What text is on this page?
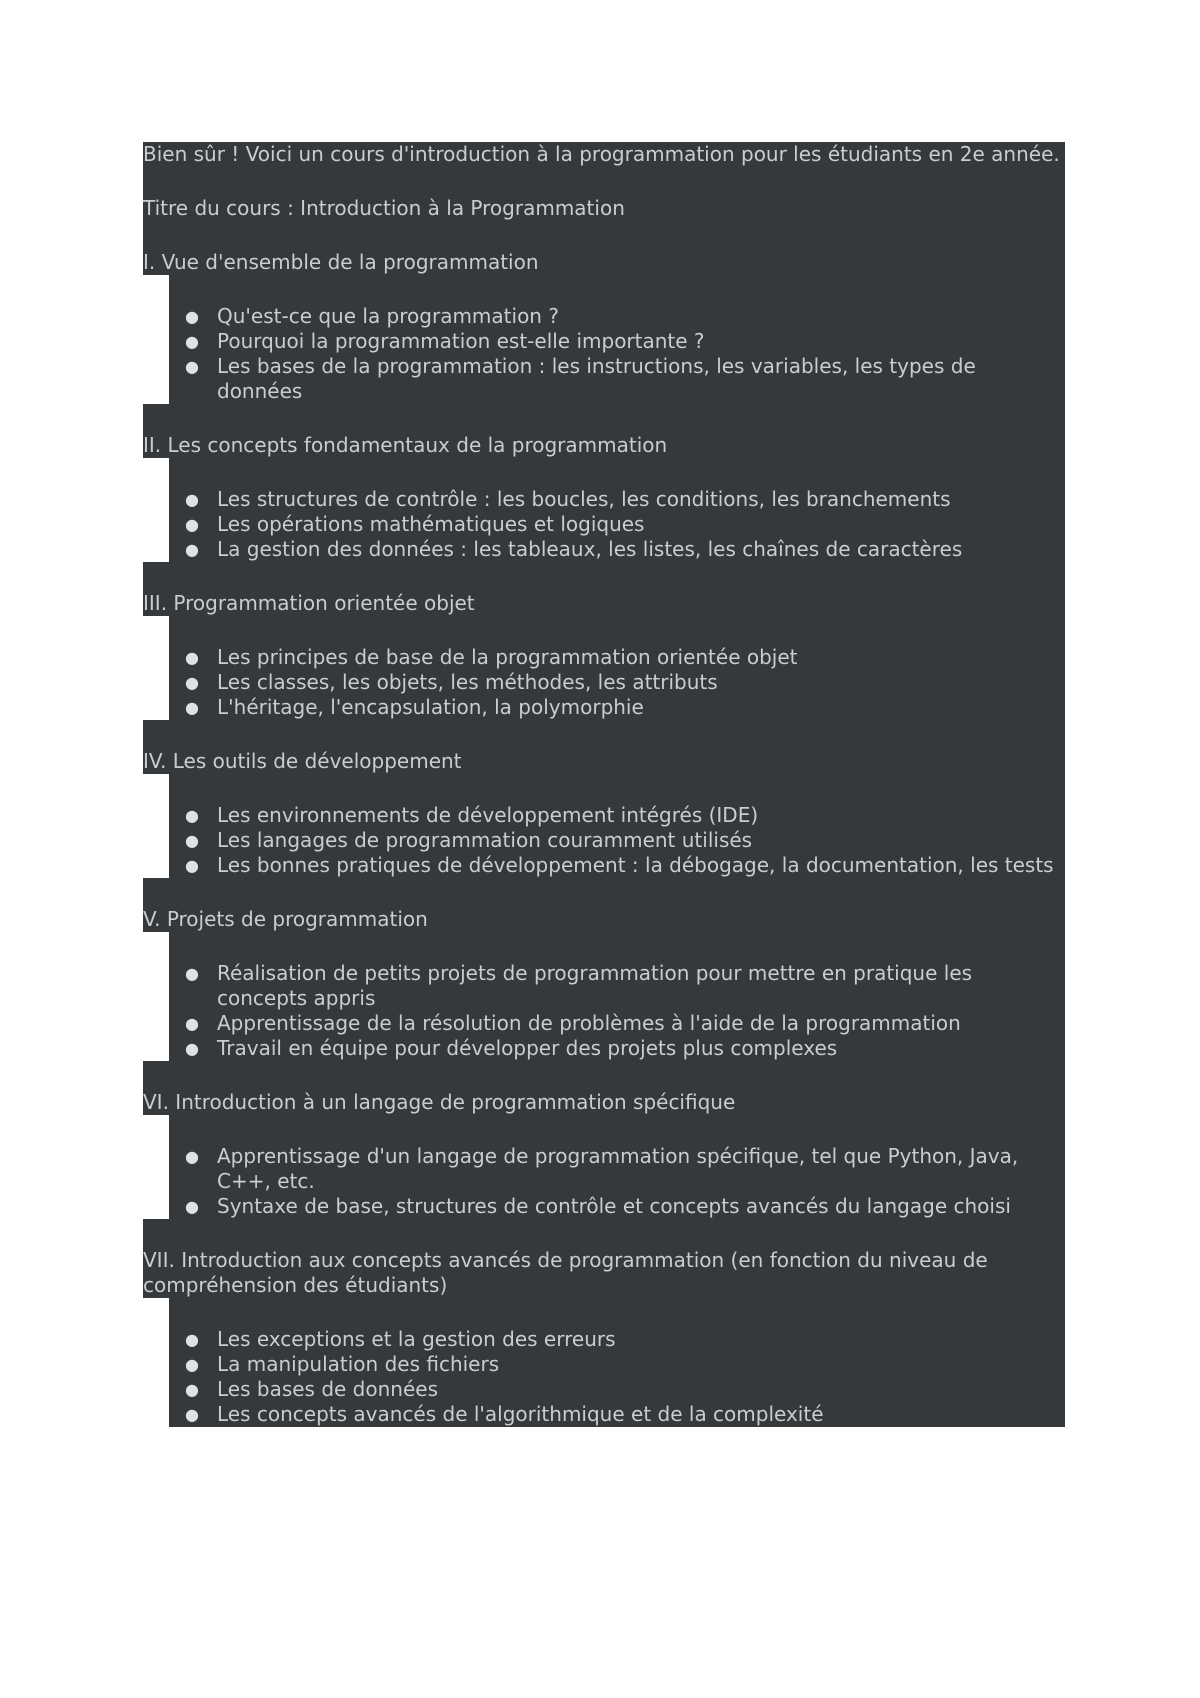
Bien sûr ! Voici un cours d'introduction à la programmation pour les étudiants en 2e année.

Titre du cours : Introduction à la Programmation

I. Vue d'ensemble de la programmation

● Qu'est-ce que la programmation ?
● Pourquoi la programmation est-elle importante ?
● Les bases de la programmation : les instructions, les variables, les types de données

II. Les concepts fondamentaux de la programmation

● Les structures de contrôle : les boucles, les conditions, les branchements
● Les opérations mathématiques et logiques
● La gestion des données : les tableaux, les listes, les chaînes de caractères

III. Programmation orientée objet

● Les principes de base de la programmation orientée objet
● Les classes, les objets, les méthodes, les attributs
● L'héritage, l'encapsulation, la polymorphie

IV. Les outils de développement

● Les environnements de développement intégrés (IDE)
● Les langages de programmation couramment utilisés
● Les bonnes pratiques de développement : la débogage, la documentation, les tests

V. Projets de programmation

● Réalisation de petits projets de programmation pour mettre en pratique les concepts appris
● Apprentissage de la résolution de problèmes à l'aide de la programmation
● Travail en équipe pour développer des projets plus complexes

VI. Introduction à un langage de programmation spécifique

● Apprentissage d'un langage de programmation spécifique, tel que Python, Java, C++, etc.
● Syntaxe de base, structures de contrôle et concepts avancés du langage choisi

VII. Introduction aux concepts avancés de programmation (en fonction du niveau de compréhension des étudiants)

● Les exceptions et la gestion des erreurs
● La manipulation des fichiers
● Les bases de données
● Les concepts avancés de l'algorithmique et de la complexité
